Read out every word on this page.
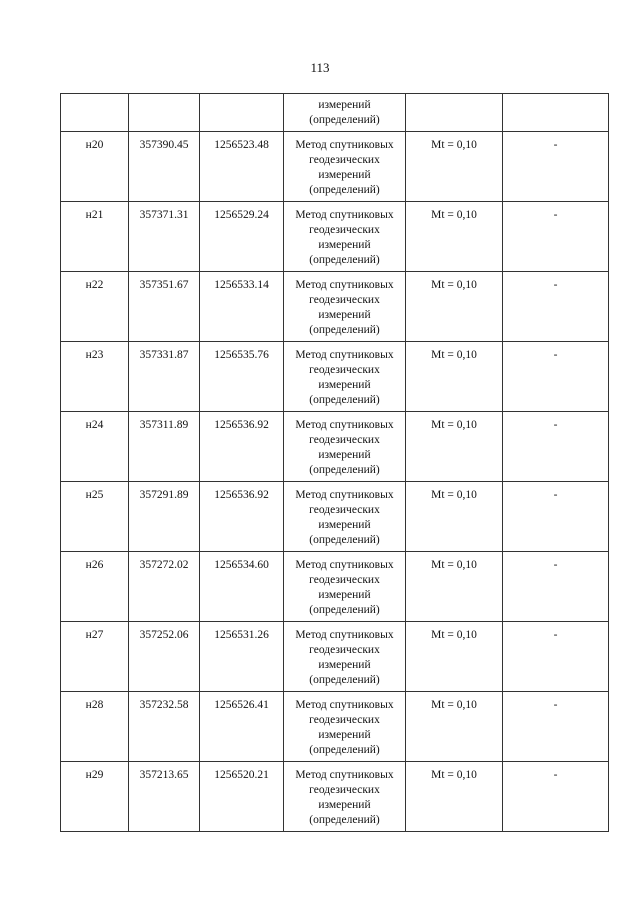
113

			измерений
(определений)		

н20	357390.45	1256523.48	Метод спутниковых
геодезических
измерений
(определений)	Mt = 0,10	-
н21	357371.31	1256529.24	Метод спутниковых
геодезических
измерений
(определений)	Mt = 0,10	-
н22	357351.67	1256533.14	Метод спутниковых
геодезических
измерений
(определений)	Mt = 0,10	-
н23	357331.87	1256535.76	Метод спутниковых
геодезических
измерений
(определений)	Mt = 0,10	-
н24	357311.89	1256536.92	Метод спутниковых
геодезических
измерений
(определений)	Mt = 0,10	-
н25	357291.89	1256536.92	Метод спутниковых
геодезических
измерений
(определений)	Mt = 0,10	-
н26	357272.02	1256534.60	Метод спутниковых
геодезических
измерений
(определений)	Mt = 0,10	-
н27	357252.06	1256531.26	Метод спутниковых
геодезических
измерений
(определений)	Mt = 0,10	-
н28	357232.58	1256526.41	Метод спутниковых
геодезических
измерений
(определений)	Mt = 0,10	-
н29	357213.65	1256520.21	Метод спутниковых
геодезических
измерений
(определений)	Mt = 0,10	-
